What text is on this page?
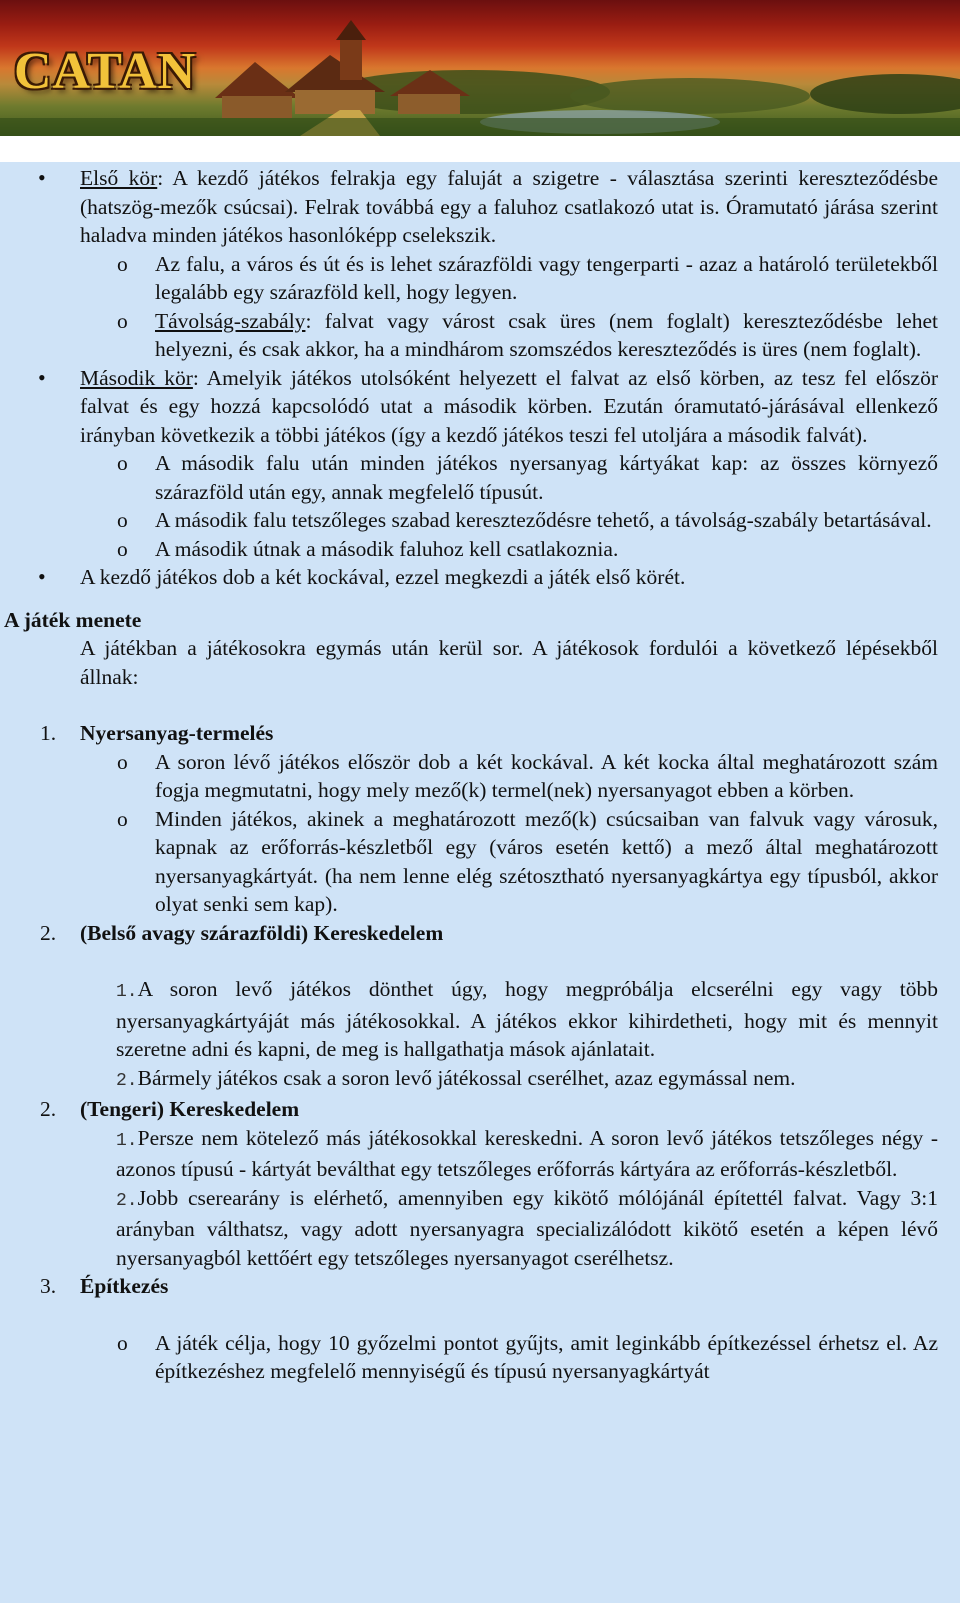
CATAN
• Első kör: A kezdő játékos felrakja egy faluját a szigetre - választása szerinti kereszteződésbe (hatszög-mezők csúcsai). Felrak továbbá egy a faluhoz csatlakozó utat is. Óramutató járása szerint haladva minden játékos hasonlóképp cselekszik.
o Az falu, a város és út és is lehet szárazföldi vagy tengerparti - azaz a határoló területekből legalább egy szárazföld kell, hogy legyen.
o Távolság-szabály: falvat vagy várost csak üres (nem foglalt) kereszteződésbe lehet helyezni, és csak akkor, ha a mindhárom szomszédos kereszteződés is üres (nem foglalt).
• Második kör: Amelyik játékos utolsóként helyezett el falvat az első körben, az tesz fel először falvat és egy hozzá kapcsolódó utat a második körben. Ezután óramutató-járásával ellenkező irányban következik a többi játékos (így a kezdő játékos teszi fel utoljára a második falvát).
o A második falu után minden játékos nyersanyag kártyákat kap: az összes környező szárazföld után egy, annak megfelelő típusút.
o A második falu tetszőleges szabad kereszteződésre tehető, a távolság-szabály betartásával.
o A második útnak a második faluhoz kell csatlakoznia.
• A kezdő játékos dob a két kockával, ezzel megkezdi a játék első körét.
A játék menete
A játékban a játékosokra egymás után kerül sor. A játékosok fordulói a következő lépésekből állnak:
1. Nyersanyag-termelés
o A soron lévő játékos először dob a két kockával. A két kocka által meghatározott szám fogja megmutatni, hogy mely mező(k) termel(nek) nyersanyagot ebben a körben.
o Minden játékos, akinek a meghatározott mező(k) csúcsaiban van falvuk vagy városuk, kapnak az erőforrás-készletből egy (város esetén kettő) a mező által meghatározott nyersanyagkártyát. (ha nem lenne elég szétosztható nyersanyagkártya egy típusból, akkor olyat senki sem kap).
2. (Belső avagy szárazföldi) Kereskedelem
1.A soron levő játékos dönthet úgy, hogy megpróbálja elcserélni egy vagy több nyersanyagkártyáját más játékosokkal. A játékos ekkor kihirdetheti, hogy mit és mennyit szeretne adni és kapni, de meg is hallgathatja mások ajánlatait.
2.Bármely játékos csak a soron levő játékossal cserélhet, azaz egymással nem.
2. (Tengeri) Kereskedelem
1.Persze nem kötelező más játékosokkal kereskedni. A soron levő játékos tetszőleges négy - azonos típusú - kártyát beválthat egy tetszőleges erőforrás kártyára az erőforrás-készletből.
2.Jobb cserearány is elérhető, amennyiben egy kikötő mólójánál építettél falvat. Vagy 3:1 arányban válthatsz, vagy adott nyersanyagra specializálódott kikötő esetén a képen lévő nyersanyagból kettőért egy tetszőleges nyersanyagot cserélhetsz.
3. Építkezés
o A játék célja, hogy 10 győzelmi pontot gyűjts, amit leginkább építkezéssel érhetsz el. Az építkezéshez megfelelő mennyiségű és típusú nyersanyagkártyát
